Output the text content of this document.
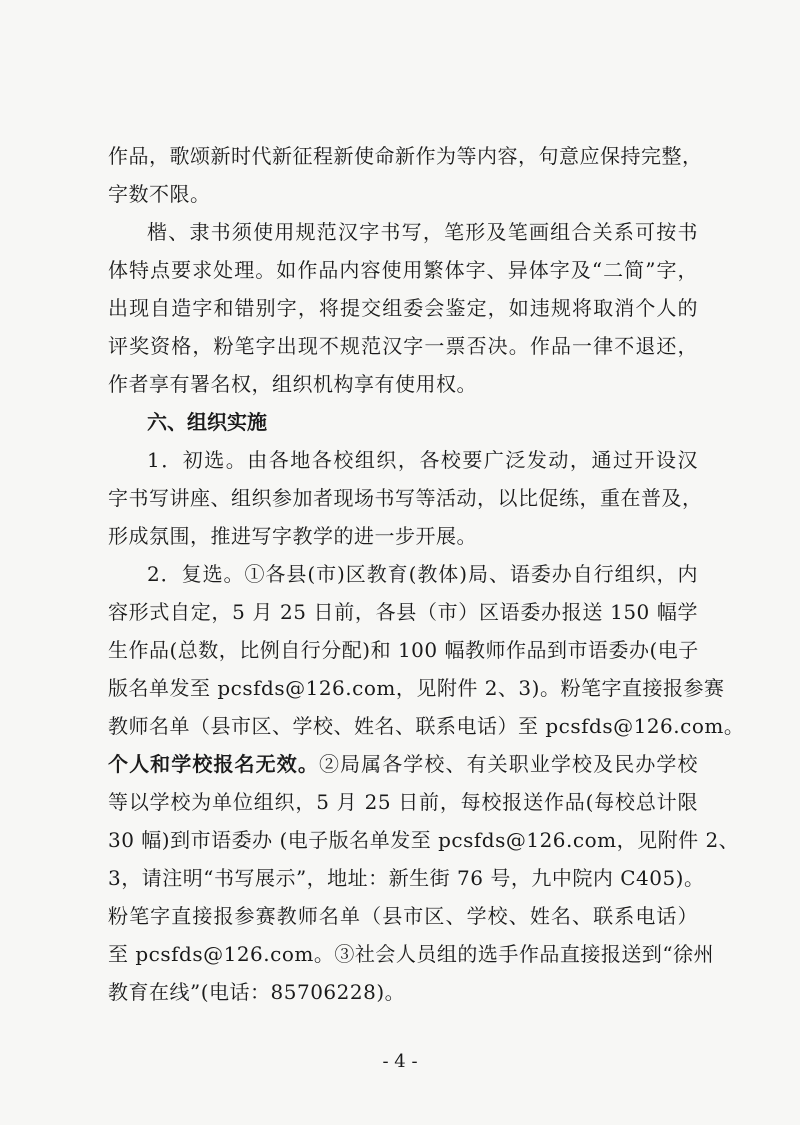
作品，歌颂新时代新征程新使命新作为等内容，句意应保持完整，
字数不限。
楷、隶书须使用规范汉字书写，笔形及笔画组合关系可按书
体特点要求处理。如作品内容使用繁体字、异体字及“二简”字，
出现自造字和错别字，将提交组委会鉴定，如违规将取消个人的
评奖资格，粉笔字出现不规范汉字一票否决。作品一律不退还，
作者享有署名权，组织机构享有使用权。
六、组织实施
1．初选。由各地各校组织，各校要广泛发动，通过开设汉
字书写讲座、组织参加者现场书写等活动，以比促练，重在普及，
形成氛围，推进写字教学的进一步开展。
2．复选。①各县(市)区教育(教体)局、语委办自行组织，内
容形式自定，5 月 25 日前，各县（市）区语委办报送 150 幅学
生作品(总数，比例自行分配)和 100 幅教师作品到市语委办(电子
版名单发至 pcsfds@126.com，见附件 2、3)。粉笔字直接报参赛
教师名单（县市区、学校、姓名、联系电话）至 pcsfds@126.com。
个人和学校报名无效。②局属各学校、有关职业学校及民办学校
等以学校为单位组织，5 月 25 日前，每校报送作品(每校总计限
30 幅)到市语委办 (电子版名单发至 pcsfds@126.com，见附件 2、
3，请注明“书写展示”，地址：新生街 76 号，九中院内 C405)。
粉笔字直接报参赛教师名单（县市区、学校、姓名、联系电话）
至 pcsfds@126.com。③社会人员组的选手作品直接报送到“徐州
教育在线”(电话：85706228)。
- 4 -
